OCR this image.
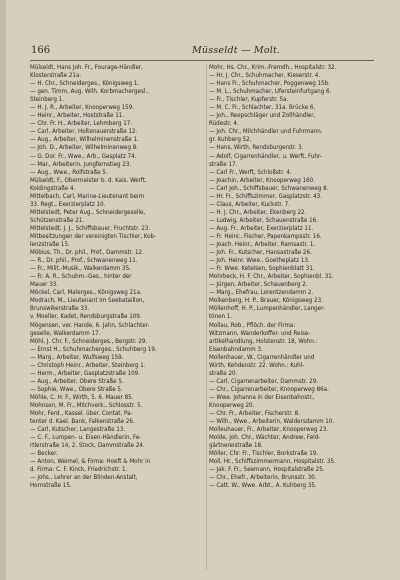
166	Müsseldt — Molt.
Mülseldt, Hans Joh. Fr., Fourage-Händler,
Klosterstraße 21a.
— H. Chr., Schneiderges., Königsweg 1.
— gen. Timm, Aug. Wilh. Korbmachergesl.,
Steinberg 1.
— H. J. R., Arbeiter, Knooperweg 159.
— Heinr., Arbeiter, Hoststraße 11.
— Chr. Fr. H., Arbeiter, Lehmberg 17.
— Carl, Arbeiter, Holtenauerstraße 12.
— Aug., Arbeiter, Wilhelminenstraße 1.
— Joh. D., Arbeiter, Wilhelminenweg 8.
— G. Dor. Fr., Wwe., Arb., Gasplatz 74.
— Mar., Arbeiterin, Jungfernstieg 23.
— Aug., Wwe., Rolfstraße 5.
Mülseldt, F., Obermeister b. d. Kais. Werft,
Koldingstraße 4.
Mittelbach, Carl, Marine-Lieutenant beim
33. Regt., Exerzierplatz 10.
Mittelstedt, Peter Aug., Schneidergeselle,
Schützenstraße 21.
Mittelstedt, J. J., Schiffsbauer, Fruchtstr. 23.
Mitbesitzungen der vereinigten Tischler, Kob-
lenzstraße 15.
Möbius, Th., Dr. phil., Prof., Dammstr. 12.
— R., Dr. phil., Prof., Schwanenweg 11.
— Fr., Milit.-Musik., Walkerdamm 35.
— Fr. A. R., Schuhm.-Ges., hinter der
Mauer 33.
Möckel, Carl, Malerges., Königsweg 21a.
Modrach, M., Lieutenant im Seebataillon,
Brunswikerstraße 33.
v. Moeller, Kadet, Rendsburgstraße 109.
Mögensen, ver. Hande, 6. Jahn, Schlachter-
geselle, Walkerdamm 17.
Möhl, J. Chr. F., Schneiderges., Bergstr. 29.
— Ernst H., Schuhmacherges., Schuhberg 19.
— Marg., Arbeiter, Wulfsweg 159.
— Christoph Heinr., Arbeiter, Steinberg 1.
— Herm., Arbeiter, Gasplatzstraße 109.
— Aug., Arbeiter, Obere Straße 5.
— Sophie, Wwe., Obere Straße 5.
Möhle, C. H. F., Wirth, 5. 6. Mauer 85.
Mohnsen, M. Fr., Milchverk., Schlosstr. 5.
Mohr, Ferd., Kassel. über. Contat, Pa-
tenter d. Kael. Bank, Falkenstraße 26.
— Carl, Kutscher, Langestraße 13.
— C. F., Lumpen- u. Eisen-Händlerin, Fe-
rtlerstraße 14, 2. Stock, Dammstraße 24.
— Becker.
— Anton, Weimel, & Firma: Hoeft & Mohr in
d. Firma: C. F. Kinck, Friedrichstr. 1.
— Johs., Lehrer an der Blinden-Anstalt,
Hornstraße 15.
Mohr, Hs. Chr., Krim.-Fremdh., Hospitalstr. 32.
— Hr. J. Chr., Schuhmacher, Kieserstr. 4.
— Hans Fr., Schuhmacher, Poggenweg 15b.
— M. L., Schuhmacher, Ufersteinfurtgang 6.
— Fr., Tischler, Kupferstr. 5a.
— M. C. Fr., Schlachter, 31a. Brücke 6.
— Joh., Reepschläger und Zollhändler,
Rüdestr. 4.
— Joh. Chr., Milchhändler und Fuhrmann,
gr. Kuhberg 52.
— Hans, Wirth, Rendsburgerstr. 3.
— Adolf, Cigarrenhändler, u. Werft, Fuhr-
straße 17.
— Carl Fr., Werft, Schloßstr. 4.
— Joachin, Arbeiter, Knooperweg 160.
— Carl Joh., Schiffsbauer, Schwanenweg 8.
— Hr. Fr., Schiffszimmer, Gasplatzstr. 43.
— Claus, Arbeiter, Kuckstr. 7.
— H. J. Chr., Arbeiter, Ekenberg 22.
— Ludwig, Arbeiter, Schauenstraße 16.
— Aug. Fr., Arbeiter, Exerzierplatz 11.
— Fr. Heinr., Fischer, Papenkampsstr. 16.
— Joach. Heinr., Arbeiter, Ramsastr. 1.
— Joh. Fr., Kutscher, Hansastraße 26.
— Joh. Heinr. Wwe., Goetheplatz 13.
— Fr. Wwe. Ketelsen, Sophienblatt 31.
Mohrbeck, H. F. Chr., Arbeiter, Sophienbl. 31.
— Jürgen, Arbeiter, Schauenberg 2.
— Marg., Ehefrau, Lorentzendamm 2.
Molkenberg, H. P., Brauer, Königsweg 23.
Möllenhoff, H. P., Lumpenhändler, Langer-
tönen 1.
Mollau, Rob., Pflöch. der Firma:
Witzmann, Wanderkoffer- und Reise-
artikelhandlung, Holstenstr. 18, Wohn.:
Eisenbahndamm 3.
Mollenhauer, W., Cigarrenhändler und
Wirth, Kehdenstr. 22. Wohn.: Kuhl-
straße 20.
— Carl, Cigarrenarbeiter, Dammstr. 29.
— Chr., Cigarrenarbeiter, Knooperweg 86a.
— Wwe. Johanna in der Eisenbahnstr.,
Knooperweg 20.
— Chr. Fr., Arbeiter, Fischerstr. 8.
— Wilh., Wwe., Arbeiterin, Waldersdamm 10.
Molleuhauer, Fr., Arbeiter, Knooperweg 23.
Molde, Joh. Chr., Wächter, Andrew, Feld-
gärtnereistraße 18.
Möller, Chr. Fr., Tischler, Borkstraße 19.
Moll, Hr., Schiffszimmermann, Hospitalstr. 35.
— Jak. F. Fr., Seemann, Hospitalstraße 25.
— Chr., Ehefr., Arbeiterin, Brunsstr. 30.
— Catt. W., Wwe. Arbt., A. Kuhberg 35.
